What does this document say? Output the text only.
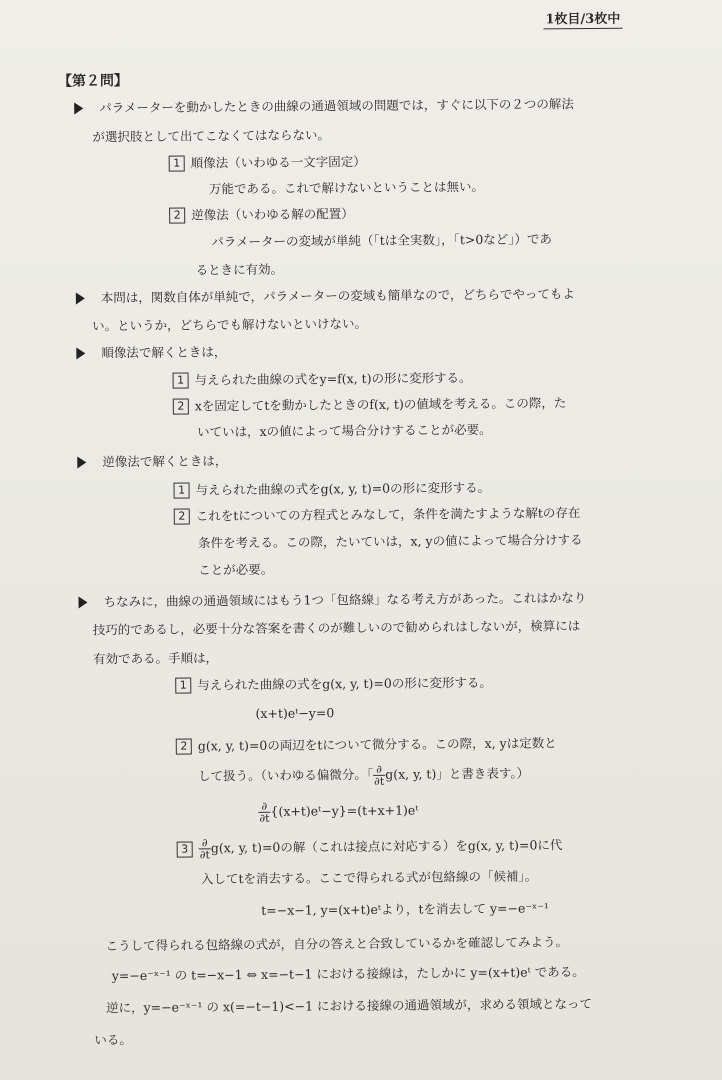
1枚目/3枚中
【第２問】
パラメーターを動かしたときの曲線の通過領域の問題では，すぐに以下の２つの解法
が選択肢として出てこなくてはならない。
1 順像法（いわゆる一文字固定）
万能である。これで解けないということは無い。
2 逆像法（いわゆる解の配置）
パラメーターの変域が単純（「tは全実数」，「t>0など」）であ
るときに有効。
本問は，関数自体が単純で，パラメーターの変域も簡単なので，どちらでやってもよ
い。というか，どちらでも解けないといけない。
順像法で解くときは，
1 与えられた曲線の式をy=f(x, t)の形に変形する。
2 xを固定してtを動かしたときのf(x, t)の値域を考える。この際，た
いていは，xの値によって場合分けすることが必要。
逆像法で解くときは，
1 与えられた曲線の式をg(x, y, t)=0の形に変形する。
2 これをtについての方程式とみなして，条件を満たすような解tの存在
条件を考える。この際，たいていは，x, yの値によって場合分けする
ことが必要。
ちなみに，曲線の通過領域にはもう1つ「包絡線」なる考え方があった。これはかなり
技巧的であるし，必要十分な答案を書くのが難しいので勧められはしないが，検算には
有効である。手順は，
1 与えられた曲線の式をg(x, y, t)=0の形に変形する。
(x+t)eᵗ−y=0
2 g(x, y, t)=0の両辺をtについて微分する。この際，x, yは定数と
して扱う。（いわゆる偏微分。「 $\frac{\partial}{\partial t} g(x$, y, t)」と書き表す。）
$\frac{\partial}{\partial t}$ {(x+t)eᵗ−y}=(t+x+1)eᵗ
$3 \frac{\partial}{\partial t} g(x$, y, t)=0の解（これは接点に対応する）をg(x, y, t)=0に代
入してtを消去する。ここで得られる式が包絡線の「候補」。
t=−x−1, y=(x+t)eᵗより，tを消去して y=−e⁻ˣ⁻¹
こうして得られる包絡線の式が，自分の答えと合致しているかを確認してみよう。
y=−e⁻ˣ⁻¹ の t=−x−1 ⇔ x=−t−1 における接線は，たしかに y=(x+t)eᵗ である。
逆に，y=−e⁻ˣ⁻¹ の x(=−t−1)<−1 における接線の通過領域が，求める領域となって
いる。
